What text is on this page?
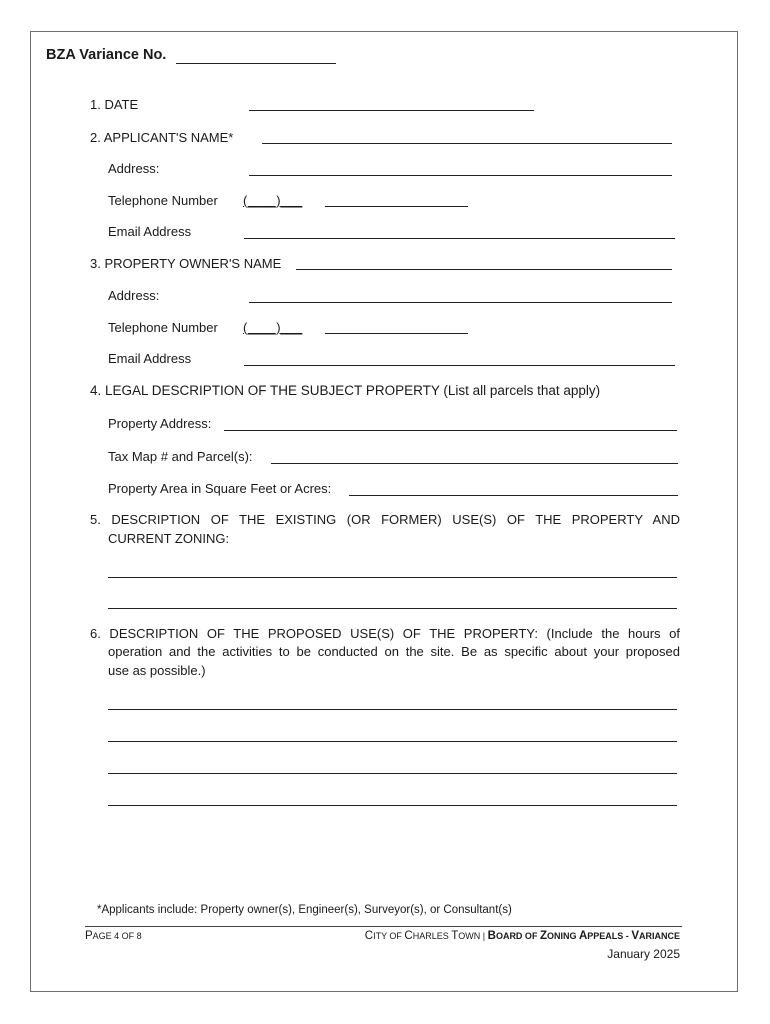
BZA Variance No.
1. DATE
2. APPLICANT'S NAME*
Address:
Telephone Number (____)___
Email Address
3. PROPERTY OWNER'S NAME
Address:
Telephone Number (____)___
Email Address
4. LEGAL DESCRIPTION OF THE SUBJECT PROPERTY (List all parcels that apply)
Property Address:
Tax Map # and Parcel(s):
Property Area in Square Feet or Acres:
5. DESCRIPTION OF THE EXISTING (OR FORMER) USE(S) OF THE PROPERTY AND
CURRENT ZONING:
6. DESCRIPTION OF THE PROPOSED USE(S) OF THE PROPERTY: (Include the hours of
operation and the activities to be conducted on the site. Be as specific about your proposed
use as possible.)
*Applicants include: Property owner(s), Engineer(s), Surveyor(s), or Consultant(s)
PAGE 4 OF 8	CITY OF CHARLES TOWN | BOARD OF ZONING APPEALS - VARIANCE
January 2025
